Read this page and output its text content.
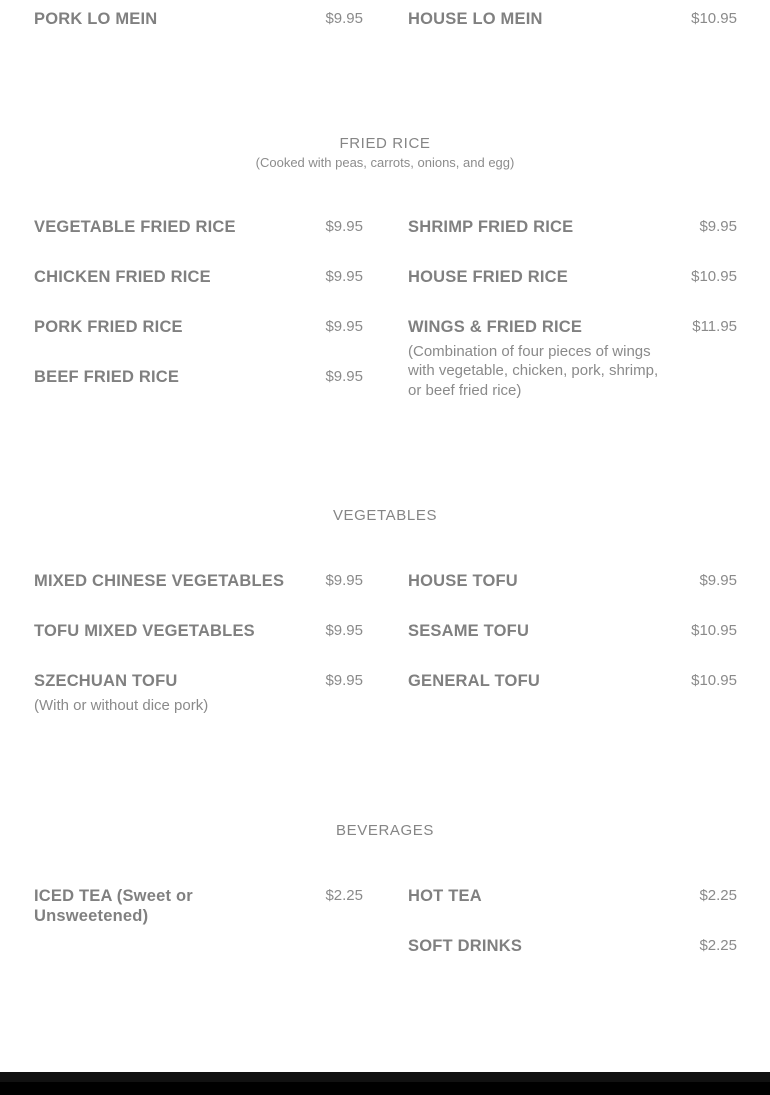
PORK LO MEIN	$9.95	HOUSE LO MEIN	$10.95
FRIED RICE
(Cooked with peas, carrots, onions, and egg)
VEGETABLE FRIED RICE	$9.95
CHICKEN FRIED RICE	$9.95
PORK FRIED RICE	$9.95
BEEF FRIED RICE	$9.95
SHRIMP FRIED RICE	$9.95
HOUSE FRIED RICE	$10.95
WINGS & FRIED RICE	$11.95
(Combination of four pieces of wings
with vegetable, chicken, pork, shrimp,
or beef fried rice)
VEGETABLES
MIXED CHINESE VEGETABLES	$9.95
TOFU MIXED VEGETABLES	$9.95
SZECHUAN TOFU	$9.95
(With or without dice pork)
HOUSE TOFU	$9.95
SESAME TOFU	$10.95
GENERAL TOFU	$10.95
BEVERAGES
ICED TEA (Sweet or
Unsweetened)
$2.25	HOT TEA	$2.25
SOFT DRINKS	$2.25
